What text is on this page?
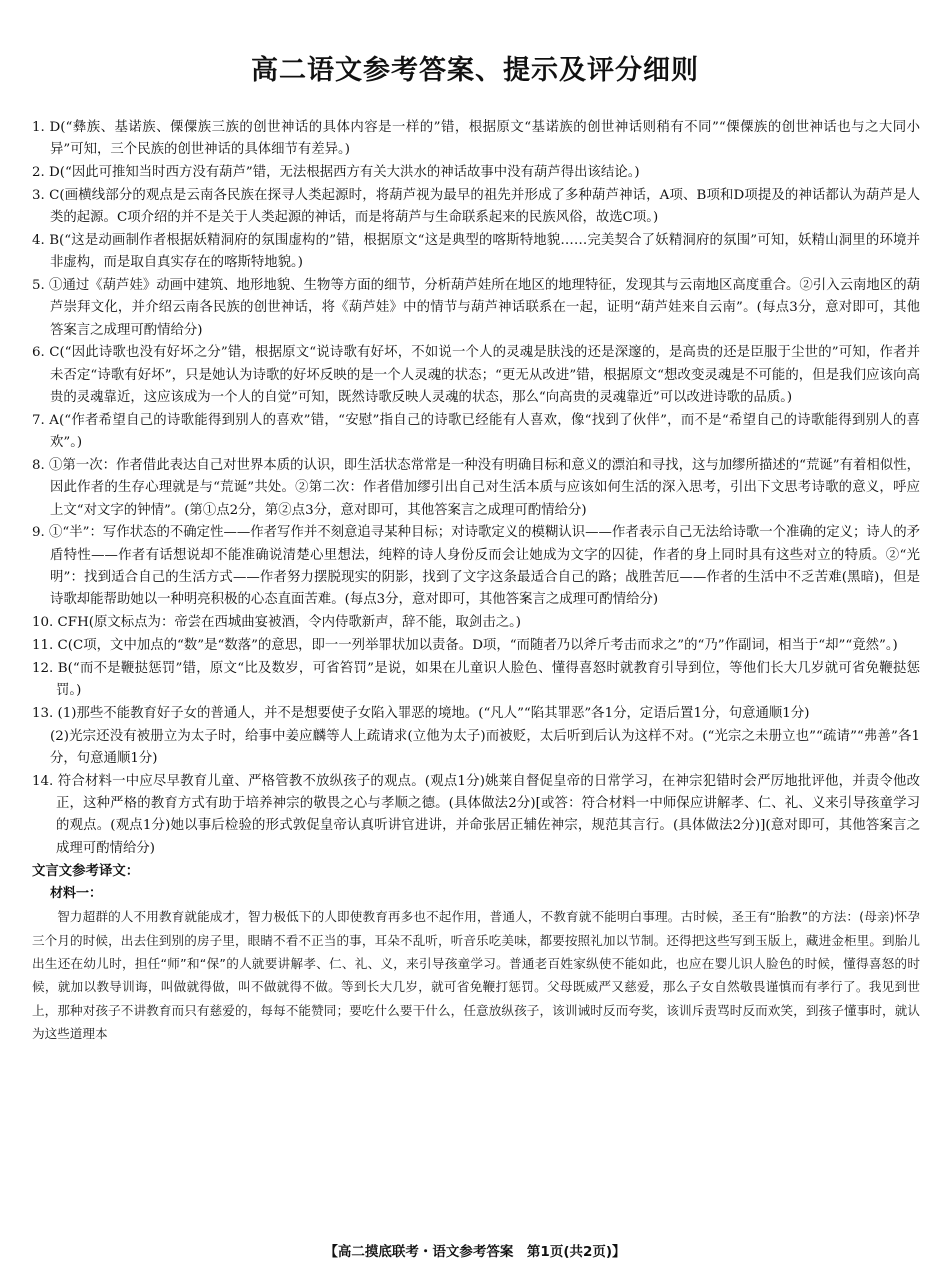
高二语文参考答案、提示及评分细则

1. D(“彝族、基诺族、傈僳族三族的创世神话的具体内容是一样的”错，根据原文“基诺族的创世神话则稍有不同”“傈僳族的创世神话也与之大同小异”可知，三个民族的创世神话的具体细节有差异。)

2. D(“因此可推知当时西方没有葫芦”错，无法根据西方有关大洪水的神话故事中没有葫芦得出该结论。)

3. C(画横线部分的观点是云南各民族在探寻人类起源时，将葫芦视为最早的祖先并形成了多种葫芦神话，A项、B项和D项提及的神话都认为葫芦是人类的起源。C项介绍的并不是关于人类起源的神话，而是将葫芦与生命联系起来的民族风俗，故选C项。)

4. B(“这是动画制作者根据妖精洞府的氛围虚构的”错，根据原文“这是典型的喀斯特地貌……完美契合了妖精洞府的氛围”可知，妖精山洞里的环境并非虚构，而是取自真实存在的喀斯特地貌。)

5. ①通过《葫芦娃》动画中建筑、地形地貌、生物等方面的细节，分析葫芦娃所在地区的地理特征，发现其与云南地区高度重合。②引入云南地区的葫芦崇拜文化，并介绍云南各民族的创世神话，将《葫芦娃》中的情节与葫芦神话联系在一起，证明“葫芦娃来自云南”。(每点3分，意对即可，其他答案言之成理可酌情给分)

6. C(“因此诗歌也没有好坏之分”错，根据原文“说诗歌有好坏，不如说一个人的灵魂是肤浅的还是深邃的，是高贵的还是臣服于尘世的”可知，作者并未否定“诗歌有好坏”，只是她认为诗歌的好坏反映的是一个人灵魂的状态；“更无从改进”错，根据原文“想改变灵魂是不可能的，但是我们应该向高贵的灵魂靠近，这应该成为一个人的自觉”可知，既然诗歌反映人灵魂的状态，那么“向高贵的灵魂靠近”可以改进诗歌的品质。)

7. A(“作者希望自己的诗歌能得到别人的喜欢”错，“安慰”指自己的诗歌已经能有人喜欢，像“找到了伙伴”，而不是“希望自己的诗歌能得到别人的喜欢”。)

8. ①第一次：作者借此表达自己对世界本质的认识，即生活状态常常是一种没有明确目标和意义的漂泊和寻找，这与加缪所描述的“荒诞”有着相似性，因此作者的生存心理就是与“荒诞”共处。②第二次：作者借加缪引出自己对生活本质与应该如何生活的深入思考，引出下文思考诗歌的意义，呼应上文“对文字的钟情”。(第①点2分，第②点3分，意对即可，其他答案言之成理可酌情给分)

9. ①“半”：写作状态的不确定性——作者写作并不刻意追寻某种目标；对诗歌定义的模糊认识——作者表示自己无法给诗歌一个准确的定义；诗人的矛盾特性——作者有话想说却不能准确说清楚心里想法，纯粹的诗人身份反而会让她成为文字的囚徒，作者的身上同时具有这些对立的特质。②“光明”：找到适合自己的生活方式——作者努力摆脱现实的阴影，找到了文字这条最适合自己的路；战胜苦厄——作者的生活中不乏苦难(黑暗)，但是诗歌却能帮助她以一种明亮积极的心态直面苦难。(每点3分，意对即可，其他答案言之成理可酌情给分)

10. CFH(原文标点为：帝尝在西城曲宴被酒，令内侍歌新声，辞不能，取剑击之。)

11. C(C项，文中加点的“数”是“数落”的意思，即一一列举罪状加以责备。D项，“而随者乃以斧斤考击而求之”的“乃”作副词，相当于“却”“竟然”。)

12. B(“而不是鞭挞惩罚”错，原文“比及数岁，可省笞罚”是说，如果在儿童识人脸色、懂得喜怒时就教育引导到位，等他们长大几岁就可省免鞭挞惩罚。)

13. (1)那些不能教育好子女的普通人，并不是想要使子女陷入罪恶的境地。(“凡人”“陷其罪恶”各1分，定语后置1分，句意通顺1分)

(2)光宗还没有被册立为太子时，给事中姜应麟等人上疏请求(立他为太子)而被贬，太后听到后认为这样不对。(“光宗之未册立也”“疏请”“弗善”各1分，句意通顺1分)

14. 符合材料一中应尽早教育儿童、严格管教不放纵孩子的观点。(观点1分)姚莱自督促皇帝的日常学习，在神宗犯错时会严厉地批评他，并责令他改正，这种严格的教育方式有助于培养神宗的敬畏之心与孝顺之德。(具体做法2分)[或答：符合材料一中师保应讲解孝、仁、礼、义来引导孩童学习的观点。(观点1分)她以事后检验的形式敦促皇帝认真听讲官进讲，并命张居正辅佐神宗，规范其言行。(具体做法2分)](意对即可，其他答案言之成理可酌情给分)

文言文参考译文：
材料一：

智力超群的人不用教育就能成才，智力极低下的人即使教育再多也不起作用，普通人，不教育就不能明白事理。古时候，圣王有“胎教”的方法：(母亲)怀孕三个月的时候，出去住到别的房子里，眼睛不看不正当的事，耳朵不乱听，听音乐吃美味，都要按照礼加以节制。还得把这些写到玉版上，藏进金柜里。到胎儿出生还在幼儿时，担任“师”和“保”的人就要讲解孝、仁、礼、义，来引导孩童学习。普通老百姓家纵使不能如此，也应在婴儿识人脸色的时候，懂得喜怒的时候，就加以教导训诲，叫做就得做，叫不做就得不做。等到长大几岁，就可省免鞭打惩罚。父母既威严又慈爱，那么子女自然敬畏谨慎而有孝行了。我见到世上，那种对孩子不讲教育而只有慈爱的，每每不能赞同；要吃什么要干什么，任意放纵孩子，该训诫时反而夸奖，该训斥责骂时反而欢笑，到孩子懂事时，就认为这些道理本

【高二摸底联考・语文参考答案　第1页(共2页)】
